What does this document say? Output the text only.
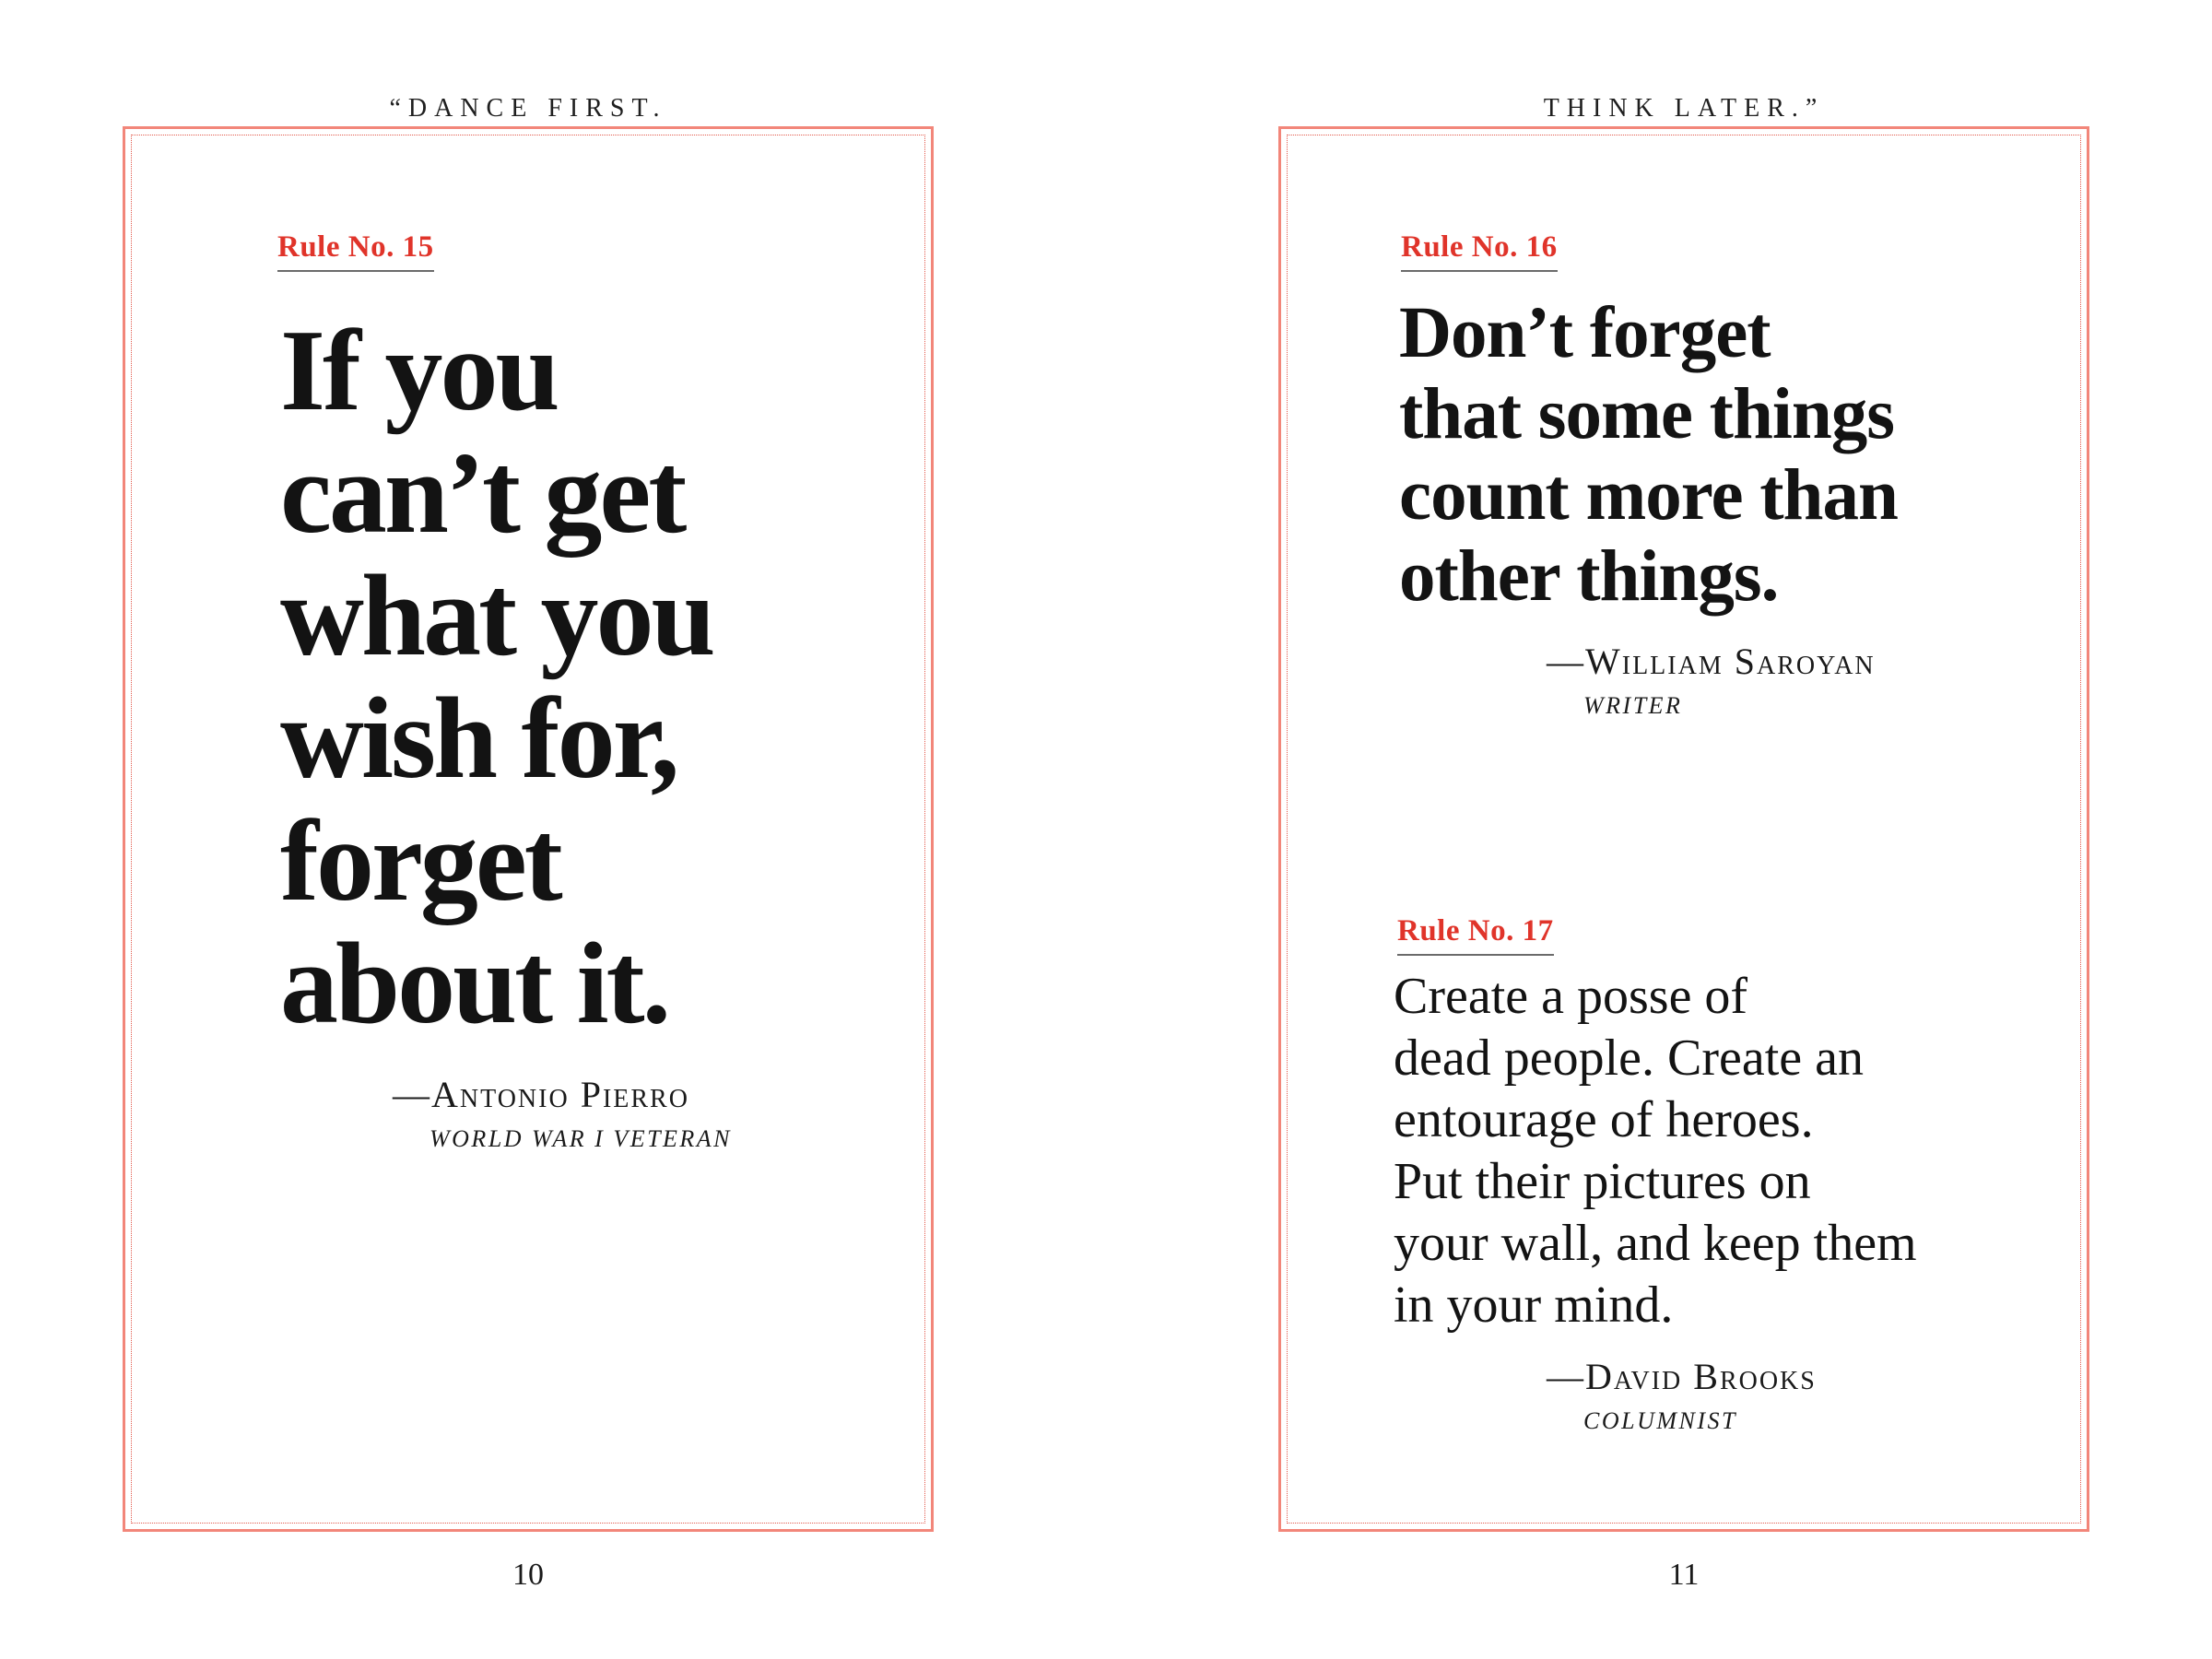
“DANCE FIRST.	THINK LATER.”
Rule No. 15
If you
can’t get
what you
wish for,
forget
about it.
—Antonio Pierro
WORLD WAR I VETERAN
Rule No. 16
Don’t forget
that some things
count more than
other things.
—William Saroyan
WRITER
Rule No. 17
Create a posse of
dead people. Create an
entourage of heroes.
Put their pictures on
your wall, and keep them
in your mind.
—David Brooks
COLUMNIST
10	11
